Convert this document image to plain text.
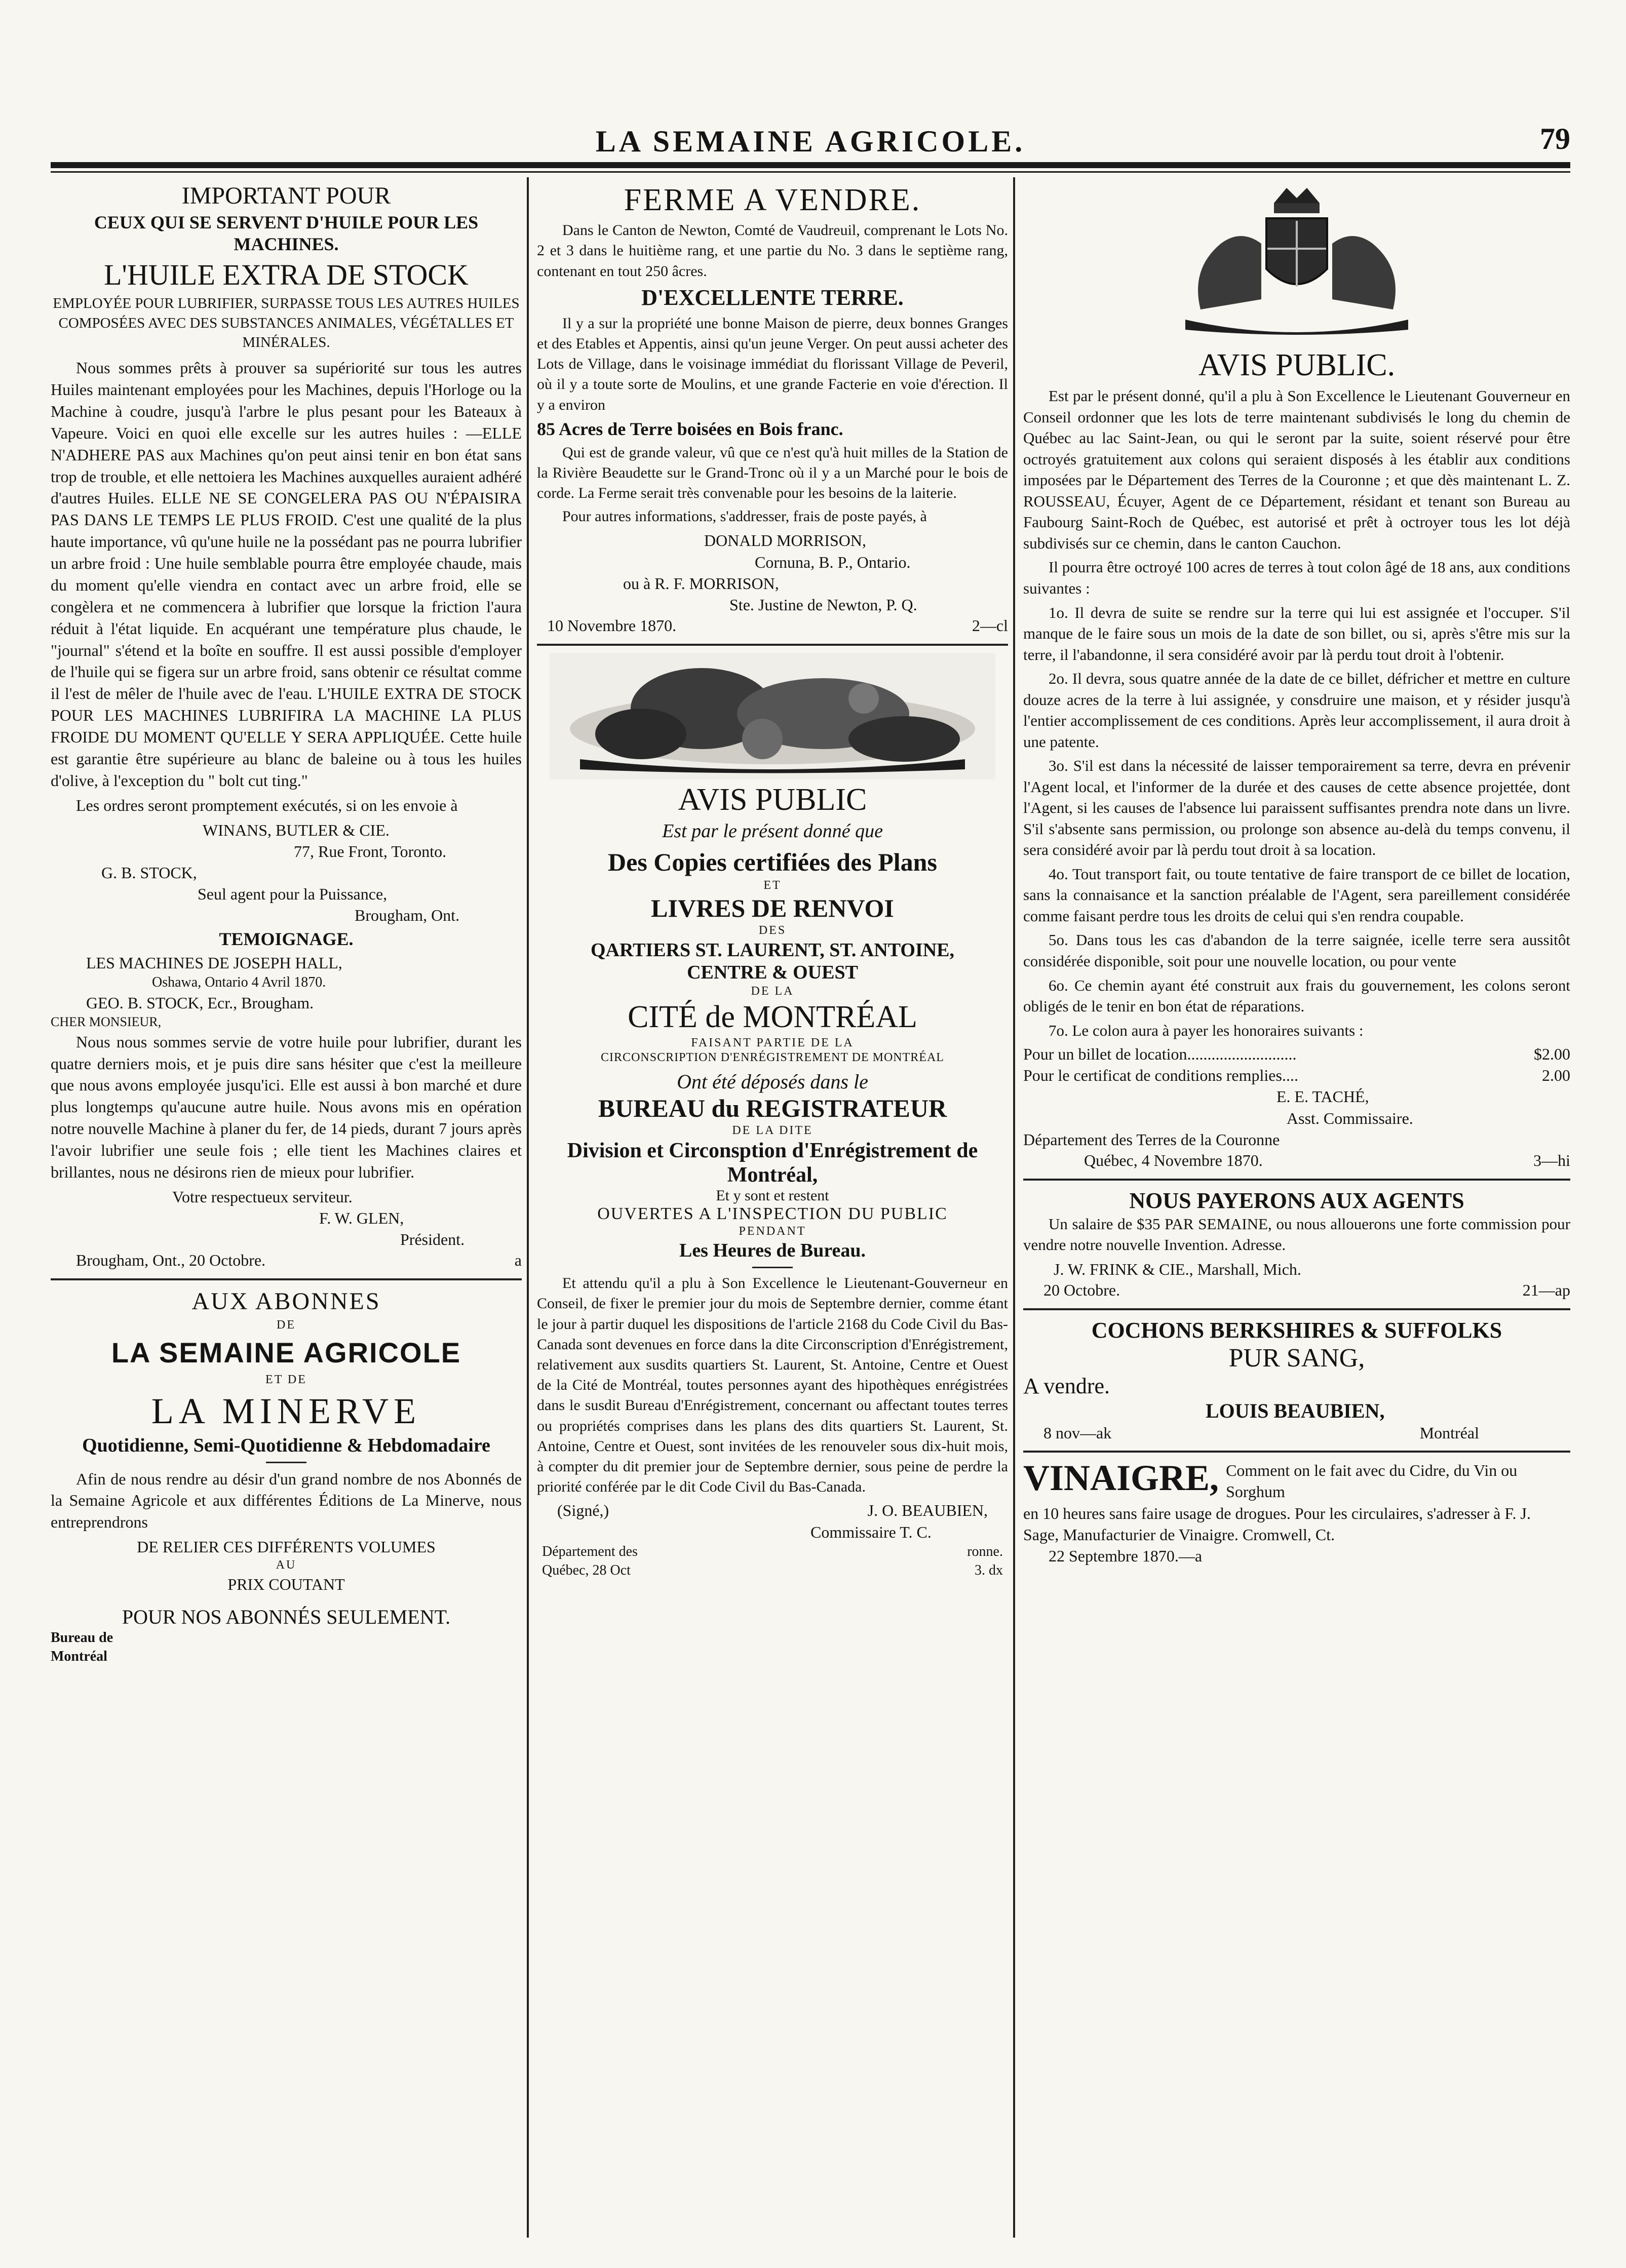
LA SEMAINE AGRICOLE.	79
IMPORTANT POUR
CEUX QUI SE SERVENT D'HUILE POUR LES MACHINES.
L'HUILE EXTRA DE STOCK
EMPLOYÉE POUR LUBRIFIER, SURPASSE TOUS LES AUTRES HUILES COMPOSÉES AVEC DES SUBSTANCES ANIMALES, VÉGÉTALLES ET MINÉRALES.

Nous sommes prêts à prouver sa supériorité sur tous les autres Huiles maintenant employées pour les Machines, depuis l'Horloge ou la Machine à coudre, jusqu'à l'arbre le plus pesant pour les Bateaux à Vapeure. Voici en quoi elle excelle sur les autres huiles : —ELLE N'ADHERE PAS aux Machines qu'on peut ainsi tenir en bon état sans trop de trouble, et elle nettoiera les Machines auxquelles auraient adhéré d'autres Huiles. ELLE NE SE CONGELERA PAS OU N'ÉPAISIRA PAS DANS LE TEMPS LE PLUS FROID. C'est une qualité de la plus haute importance, vû qu'une huile ne la possédant pas ne pourra lubrifier un arbre froid : Une huile semblable pourra être employée chaude, mais du moment qu'elle viendra en contact avec un arbre froid, elle se congèlera et ne commencera à lubrifier que lorsque la friction l'aura réduit à l'état liquide. En acquérant une température plus chaude, le "journal" s'étend et la boîte en souffre. Il est aussi possible d'employer de l'huile qui se figera sur un arbre froid, sans obtenir ce résultat comme il l'est de mêler de l'huile avec de l'eau. L'HUILE EXTRA DE STOCK POUR LES MACHINES LUBRIFIRA LA MACHINE LA PLUS FROIDE DU MOMENT QU'ELLE Y SERA APPLIQUÉE. Cette huile est garantie être supérieure au blanc de baleine ou à tous les huiles d'olive, à l'exception du " bolt cut ting."

Les ordres seront promptement exécutés, si on les envoie à

WINANS, BUTLER & CIE.
77, Rue Front, Toronto.
G. B. STOCK,
Seul agent pour la Puissance,
Brougham, Ont.
TEMOIGNAGE.
LES MACHINES DE JOSEPH HALL,
Oshawa, Ontario 4 Avril 1870.
GEO. B. STOCK, Ecr., Brougham.
CHER MONSIEUR,

Nous nous sommes servie de votre huile pour lubrifier, durant les quatre derniers mois, et je puis dire sans hésiter que c'est la meilleure que nous avons employée jusqu'ici. Elle est aussi à bon marché et dure plus longtemps qu'aucune autre huile. Nous avons mis en opération notre nouvelle Machine à planer du fer, de 14 pieds, durant 7 jours après l'avoir lubrifier une seule fois ; elle tient les Machines claires et brillantes, nous ne désirons rien de mieux pour lubrifier.

Votre respectueux serviteur.
F. W. GLEN,
Président.
Brougham, Ont., 20 Octobre.	a
AUX ABONNES
DE
LA SEMAINE AGRICOLE
ET DE
LA MINERVE
Quotidienne, Semi-Quotidienne & Hebdomadaire

Afin de nous rendre au désir d'un grand nombre de nos Abonnés de la Semaine Agricole et aux différentes Éditions de La Minerve, nous entreprendrons

DE RELIER CES DIFFÉRENTS VOLUMES
AU
PRIX COUTANT
POUR NOS ABONNÉS SEULEMENT.
Bureau de
Montréal
FERME A VENDRE.

Dans le Canton de Newton, Comté de Vaudreuil, comprenant le Lots No. 2 et 3 dans le huitième rang, et une partie du No. 3 dans le septième rang, contenant en tout 250 âcres.

D'EXCELLENTE TERRE.

Il y a sur la propriété une bonne Maison de pierre, deux bonnes Granges et des Etables et Appentis, ainsi qu'un jeune Verger. On peut aussi acheter des Lots de Village, dans le voisinage immédiat du florissant Village de Peveril, où il y a toute sorte de Moulins, et une grande Facterie en voie d'érection. Il y a environ

85 Acres de Terre boisées en Bois franc.

Qui est de grande valeur, vû que ce n'est qu'à huit milles de la Station de la Rivière Beaudette sur le Grand-Tronc où il y a un Marché pour le bois de corde. La Ferme serait très convenable pour les besoins de la laiterie.

Pour autres informations, s'addresser, frais de poste payés, à

DONALD MORRISON,
Cornuna, B. P., Ontario.
ou à R. F. MORRISON,
Ste. Justine de Newton, P. Q.
10 Novembre 1870.	2—cl
AVIS PUBLIC
Est par le présent donné que
Des Copies certifiées des Plans
ET
LIVRES DE RENVOI
DES
QARTIERS ST. LAURENT, ST. ANTOINE,
CENTRE & OUEST
DE LA
CITÉ de MONTRÉAL
FAISANT PARTIE DE LA
CIRCONSCRIPTION D'ENRÉGISTREMENT DE MONTRÉAL
Ont été déposés dans le
BUREAU du REGISTRATEUR
DE LA DITE
Division et Circonsption d'Enrégistrement de Montréal,
Et y sont et restent
OUVERTES A L'INSPECTION DU PUBLIC
PENDANT
Les Heures de Bureau.

Et attendu qu'il a plu à Son Excellence le Lieutenant-Gouverneur en Conseil, de fixer le premier jour du mois de Septembre dernier, comme étant le jour à partir duquel les dispositions de l'article 2168 du Code Civil du Bas-Canada sont devenues en force dans la dite Circonscription d'Enrégistrement, relativement aux susdits quartiers St. Laurent, St. Antoine, Centre et Ouest de la Cité de Montréal, toutes personnes ayant des hipothèques enrégistrées dans le susdit Bureau d'Enrégistrement, concernant ou affectant toutes terres ou propriétés comprises dans les plans des dits quartiers St. Laurent, St. Antoine, Centre et Ouest, sont invitées de les renouveler sous dix-huit mois, à compter du dit premier jour de Septembre dernier, sous peine de perdre la priorité conférée par le dit Code Civil du Bas-Canada.

(Signé,)	J. O. BEAUBIEN,
Commissaire T. C.
Département des	ronne.
Québec, 28 Oct	3. dx
AVIS PUBLIC.

Est par le présent donné, qu'il a plu à Son Excellence le Lieutenant Gouverneur en Conseil ordonner que les lots de terre maintenant subdivisés le long du chemin de Québec au lac Saint-Jean, ou qui le seront par la suite, soient réservé pour être octroyés gratuitement aux colons qui seraient disposés à les établir aux conditions imposées par le Département des Terres de la Couronne ; et que dès maintenant L. Z. ROUSSEAU, Écuyer, Agent de ce Département, résidant et tenant son Bureau au Faubourg Saint-Roch de Québec, est autorisé et prêt à octroyer tous les lot déjà subdivisés sur ce chemin, dans le canton Cauchon.

Il pourra être octroyé 100 acres de terres à tout colon âgé de 18 ans, aux conditions suivantes :

1o. Il devra de suite se rendre sur la terre qui lui est assignée et l'occuper. S'il manque de le faire sous un mois de la date de son billet, ou si, après s'être mis sur la terre, il l'abandonne, il sera considéré avoir par là perdu tout droit à l'obtenir.

2o. Il devra, sous quatre année de la date de ce billet, défricher et mettre en culture douze acres de la terre à lui assignée, y consdruire une maison, et y résider jusqu'à l'entier accomplissement de ces conditions. Après leur accomplissement, il aura droit à une patente.

3o. S'il est dans la nécessité de laisser temporairement sa terre, devra en prévenir l'Agent local, et l'informer de la durée et des causes de cette absence projettée, dont l'Agent, si les causes de l'absence lui paraissent suffisantes prendra note dans un livre. S'il s'absente sans permission, ou prolonge son absence au-delà du temps convenu, il sera considéré avoir par là perdu tout droit à sa location.

4o. Tout transport fait, ou toute tentative de faire transport de ce billet de location, sans la connaisance et la sanction préalable de l'Agent, sera pareillement considérée comme faisant perdre tous les droits de celui qui s'en rendra coupable.

5o. Dans tous les cas d'abandon de la terre saignée, icelle terre sera aussitôt considérée disponible, soit pour une nouvelle location, ou pour vente

6o. Ce chemin ayant été construit aux frais du gouvernement, les colons seront obligés de le tenir en bon état de réparations.

7o. Le colon aura à payer les honoraires suivants :

Pour un billet de location...........................	$2.00
Pour le certificat de conditions remplies....	2.00
E. E. TACHÉ,
Asst. Commissaire.
Département des Terres de la Couronne
Québec, 4 Novembre 1870.	3—hi
NOUS PAYERONS AUX AGENTS

Un salaire de $35 PAR SEMAINE, ou nous allouerons une forte commission pour vendre notre nouvelle Invention. Adresse.

J. W. FRINK & CIE., Marshall, Mich.
20 Octobre.	21—ap
COCHONS BERKSHIRES & SUFFOLKS
PUR SANG,
A vendre.
LOUIS BEAUBIEN,
8 nov—ak	Montréal
VINAIGRE, Comment on le fait avec du Cidre, du Vin ou Sorghum
en 10 heures sans faire usage de drogues. Pour les circulaires, s'adresser à F. J. Sage, Manufacturier de Vinaigre. Cromwell, Ct.
22 Septembre 1870.—a
